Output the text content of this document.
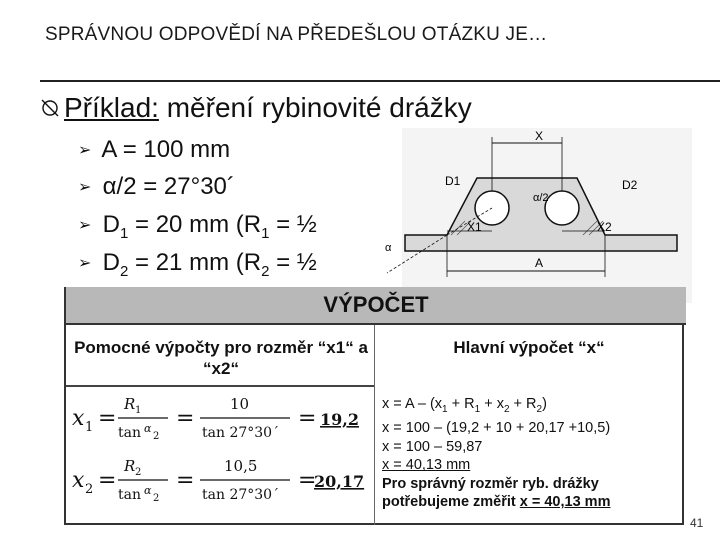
SPRÁVNOU ODPOVĚDÍ NA PŘEDEŠLOU OTÁZKU JE…
Příklad: měření rybinovité drážky
➢ A = 100 mm
➢ α/2 = 27°30´
➢ $D_1 = 20$ mm ($R_1$ = ½
➢ $D_2 = 21$ mm ($R_2$ = ½
X
A
X1	X2
D1	D2
α/2
α
VÝPOČET
Pomocné výpočty pro rozměr “x1“ a “x2“
Hlavní výpočet “x“
x 1 =
R 1
tan α
2
=
10
tan 27°30´
= 19,2
x 2 =
R 2
tan α
2
=
10,5
tan 27°30´
=
20,17
$x = A - (x_1 + R_1 + x_2 + R_2)$
x = 100 – (19,2 + 10 + 20,17 +10,5)
x = 100 – 59,87
x = 40,13 mm
Pro správný rozměr ryb. drážky
potřebujeme změřit x = 40,13 mm
41
